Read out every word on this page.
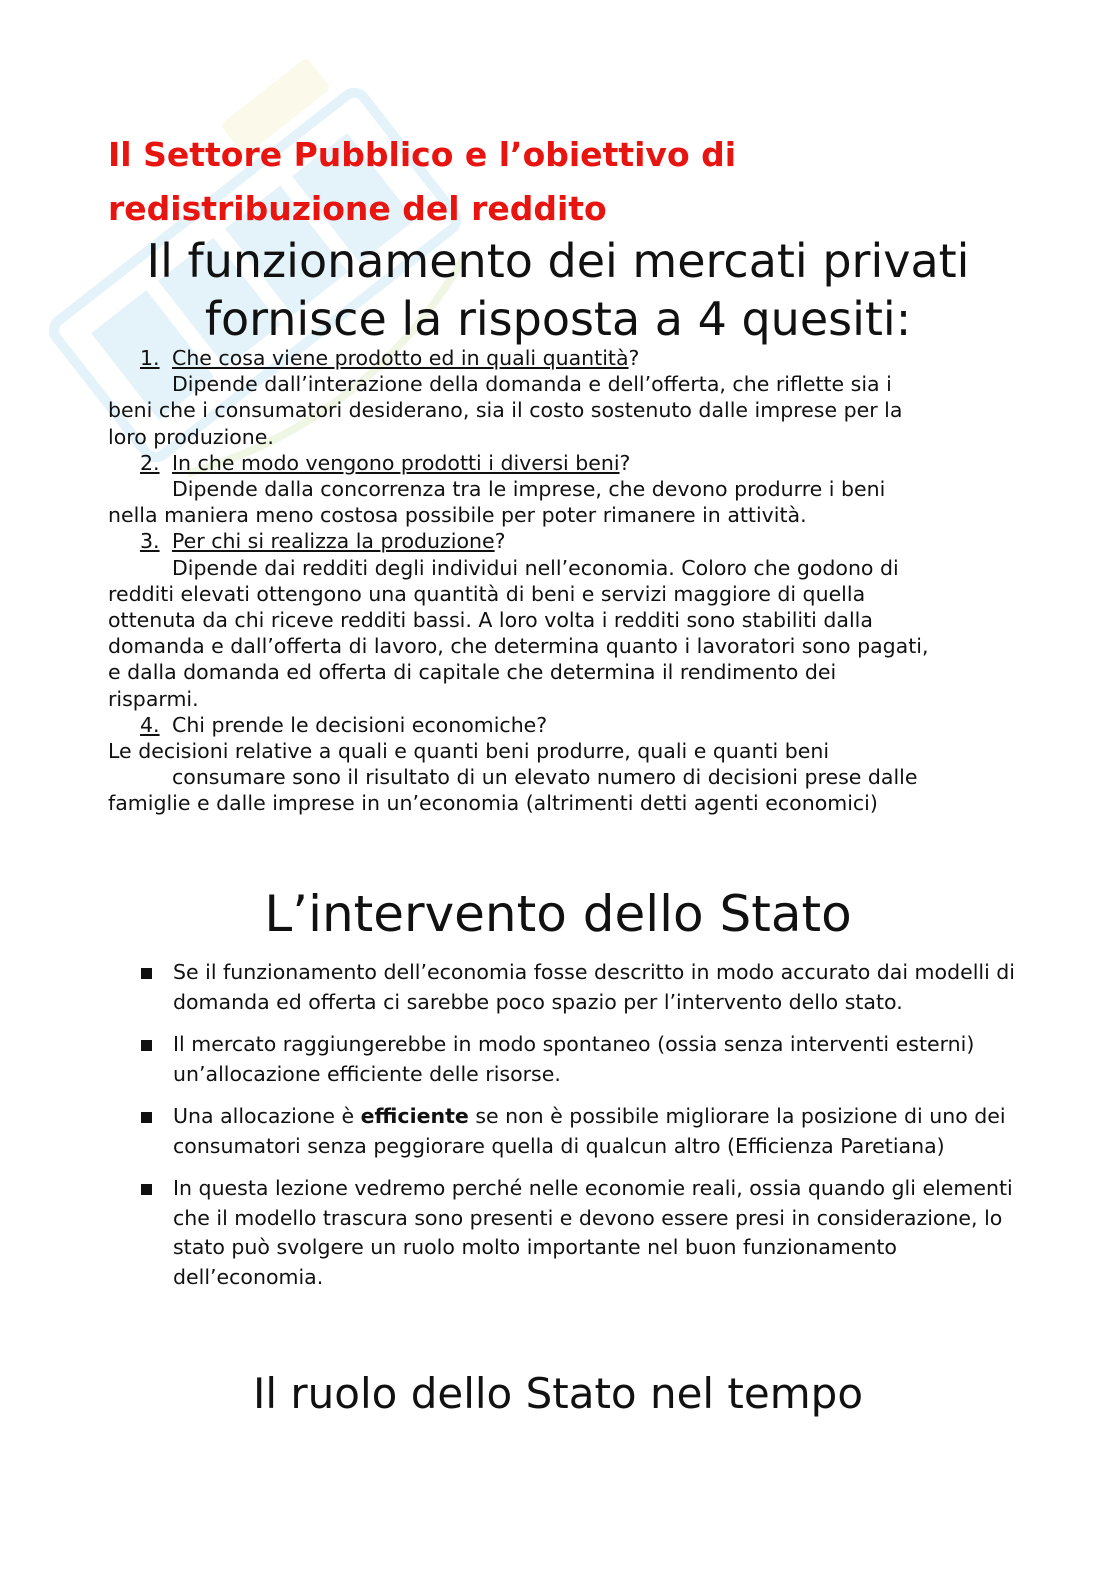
Il Settore Pubblico e l’obiettivo di
redistribuzione del reddito
Il funzionamento dei mercati privati
fornisce la risposta a 4 quesiti:
1. Che cosa viene prodotto ed in quali quantità?
Dipende dall’interazione della domanda e dell’offerta, che riflette sia i
beni che i consumatori desiderano, sia il costo sostenuto dalle imprese per la
loro produzione.
2. In che modo vengono prodotti i diversi beni?
Dipende dalla concorrenza tra le imprese, che devono produrre i beni
nella maniera meno costosa possibile per poter rimanere in attività.
3. Per chi si realizza la produzione?
Dipende dai redditi degli individui nell’economia. Coloro che godono di
redditi elevati ottengono una quantità di beni e servizi maggiore di quella
ottenuta da chi riceve redditi bassi. A loro volta i redditi sono stabiliti dalla
domanda e dall’offerta di lavoro, che determina quanto i lavoratori sono pagati,
e dalla domanda ed offerta di capitale che determina il rendimento dei
risparmi.
4. Chi prende le decisioni economiche?
Le decisioni relative a quali e quanti beni produrre, quali e quanti beni
consumare sono il risultato di un elevato numero di decisioni prese dalle
famiglie e dalle imprese in un’economia (altrimenti detti agenti economici)
L’intervento dello Stato
Se il funzionamento dell’economia fosse descritto in modo accurato dai modelli di domanda ed offerta ci sarebbe poco spazio per l’intervento dello stato.
Il mercato raggiungerebbe in modo spontaneo (ossia senza interventi esterni) un’allocazione efficiente delle risorse.
Una allocazione è efficiente se non è possibile migliorare la posizione di uno dei consumatori senza peggiorare quella di qualcun altro (Efficienza Paretiana)
In questa lezione vedremo perché nelle economie reali, ossia quando gli elementi che il modello trascura sono presenti e devono essere presi in considerazione, lo stato può svolgere un ruolo molto importante nel buon funzionamento dell’economia.
Il ruolo dello Stato nel tempo
